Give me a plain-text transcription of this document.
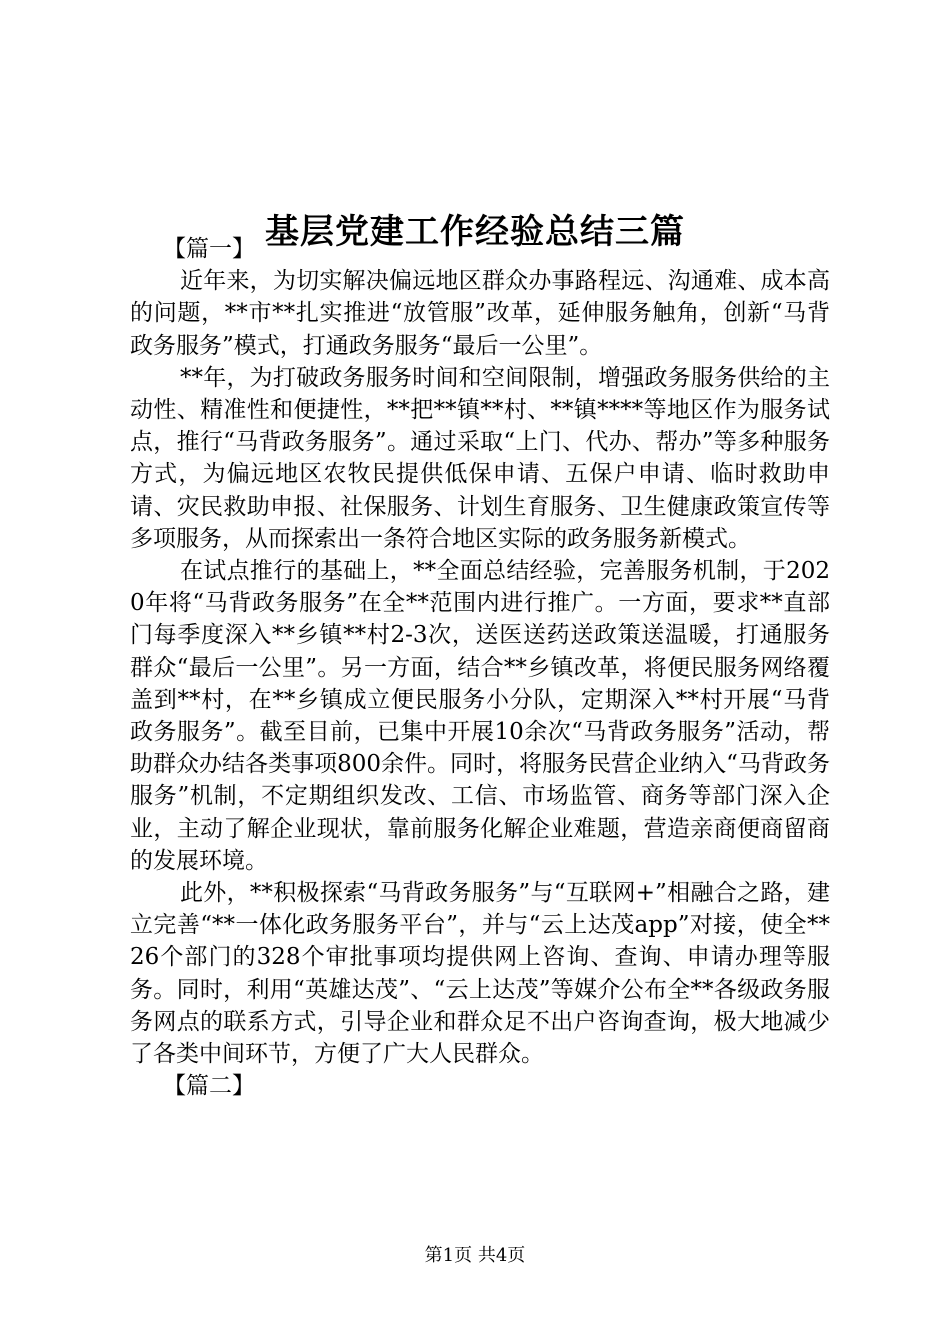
基层党建工作经验总结三篇

【篇一】

近年来，为切实解决偏远地区群众办事路程远、沟通难、成本高的问题，**市**扎实推进“放管服”改革，延伸服务触角，创新“马背政务服务”模式，打通政务服务“最后一公里”。

**年，为打破政务服务时间和空间限制，增强政务服务供给的主动性、精准性和便捷性，**把**镇**村、**镇****等地区作为服务试点，推行“马背政务服务”。通过采取“上门、代办、帮办”等多种服务方式，为偏远地区农牧民提供低保申请、五保户申请、临时救助申请、灾民救助申报、社保服务、计划生育服务、卫生健康政策宣传等多项服务，从而探索出一条符合地区实际的政务服务新模式。

在试点推行的基础上，**全面总结经验，完善服务机制，于2020年将“马背政务服务”在全**范围内进行推广。一方面，要求**直部门每季度深入**乡镇**村2-3次，送医送药送政策送温暖，打通服务群众“最后一公里”。另一方面，结合**乡镇改革，将便民服务网络覆盖到**村，在**乡镇成立便民服务小分队，定期深入**村开展“马背政务服务”。截至目前，已集中开展10余次“马背政务服务”活动，帮助群众办结各类事项800余件。同时，将服务民营企业纳入“马背政务服务”机制，不定期组织发改、工信、市场监管、商务等部门深入企业，主动了解企业现状，靠前服务化解企业难题，营造亲商便商留商的发展环境。

此外，**积极探索“马背政务服务”与“互联网+”相融合之路，建立完善“**一体化政务服务平台”，并与“云上达茂app”对接，使全**26个部门的328个审批事项均提供网上咨询、查询、申请办理等服务。同时，利用“英雄达茂”、“云上达茂”等媒介公布全**各级政务服务网点的联系方式，引导企业和群众足不出户咨询查询，极大地减少了各类中间环节，方便了广大人民群众。

【篇二】

第1页 共4页
